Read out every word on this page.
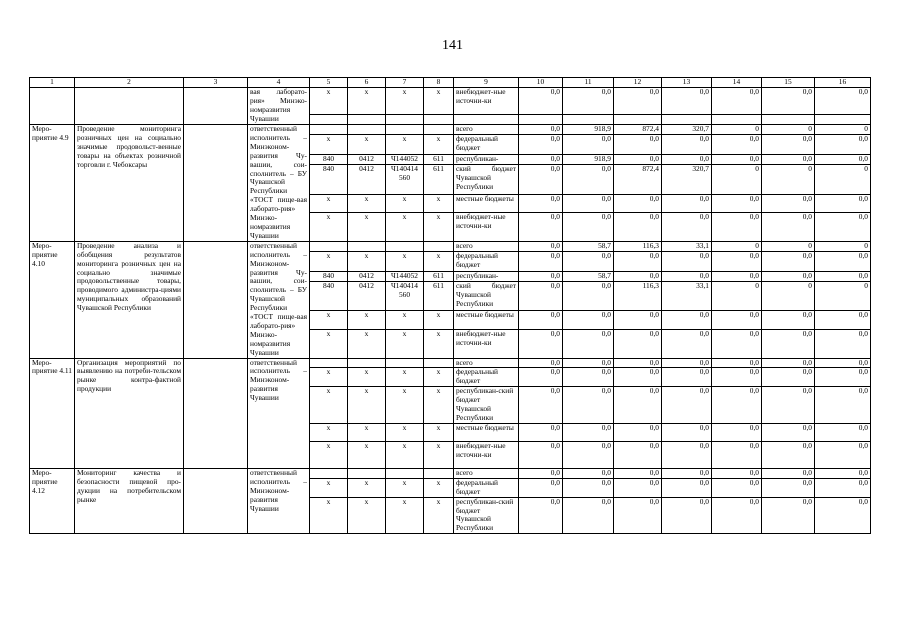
141
1	2	3	4	5	6	7	8	9	10	11	12	13	14	15	16
			вая лаборато-рия» Минэко-номразвития Чувашии	x	x	x	x	внебюджет-ные источни-ки	0,0	0,0	0,0	0,0	0,0	0,0	0,0

Меро-приятие 4.9	Проведение мониторинга розничных цен на социально значимые продовольст-венные товары на объектах розничной торговли г. Чебоксары		ответственный исполнитель – Минэконом-развития Чу-вашии, сои-сполнитель – БУ Чувашской Республики «ТОСТ пище-вая лаборато-рия» Минэко-номразвития Чувашии					всего	0,0	918,9	872,4	320,7	0	0	0
				x	x	x	x	федеральный бюджет	0,0	0,0	0,0	0,0	0,0	0,0	0,0
				840	0412	Ч144052	611	республикан-	0,0	918,9	0,0	0,0	0,0	0,0	0,0
				840	0412	Ч140414 560	611	ский бюджет Чувашской Республики	0,0	0,0	872,4	320,7	0	0	0
				x	x	x	x	местные бюджеты	0,0	0,0	0,0	0,0	0,0	0,0	0,0
				x	x	x	x	внебюджет-ные источни-ки	0,0	0,0	0,0	0,0	0,0	0,0	0,0
Меро-приятие 4.10	Проведение анализа и обобщения результатов мониторинга розничных цен на социально значимые продовольственные товары, проводимого администра-циями муниципальных образований Чувашской Республики		ответственный исполнитель – Минэконом-развития Чу-вашии, сои-сполнитель – БУ Чувашской Республики «ТОСТ пище-вая лаборато-рия» Минэко-номразвития Чувашии					всего	0,0	58,7	116,3	33,1	0	0	0
				x	x	x	x	федеральный бюджет	0,0	0,0	0,0	0,0	0,0	0,0	0,0
				840	0412	Ч144052	611	республикан-	0,0	58,7	0,0	0,0	0,0	0,0	0,0
				840	0412	Ч140414 560	611	ский бюджет Чувашской Республики	0,0	0,0	116,3	33,1	0	0	0
				x	x	x	x	местные бюджеты	0,0	0,0	0,0	0,0	0,0	0,0	0,0
				x	x	x	x	внебюджет-ные источни-ки	0,0	0,0	0,0	0,0	0,0	0,0	0,0
Меро-приятие 4.11	Организация мероприятий по выявлению на потреби-тельском рынке контра-фактной продукции		ответственный исполнитель – Минэконом-развития Чувашии					всего	0,0	0,0	0,0	0,0	0,0	0,0	0,0
				x	x	x	x	федеральный бюджет	0,0	0,0	0,0	0,0	0,0	0,0	0,0
				x	x	x	x	республикан-ский бюджет Чувашской Республики	0,0	0,0	0,0	0,0	0,0	0,0	0,0
				x	x	x	x	местные бюджеты	0,0	0,0	0,0	0,0	0,0	0,0	0,0
				x	x	x	x	внебюджет-ные источни-ки	0,0	0,0	0,0	0,0	0,0	0,0	0,0
Меро-приятие 4.12	Мониторинг качества и безопасности пищевой про-дукции на потребительском рынке		ответственный исполнитель – Минэконом-развития Чувашии					всего	0,0	0,0	0,0	0,0	0,0	0,0	0,0
				x	x	x	x	федеральный бюджет	0,0	0,0	0,0	0,0	0,0	0,0	0,0
				x	x	x	x	республикан-ский бюджет Чувашской Республики	0,0	0,0	0,0	0,0	0,0	0,0	0,0
